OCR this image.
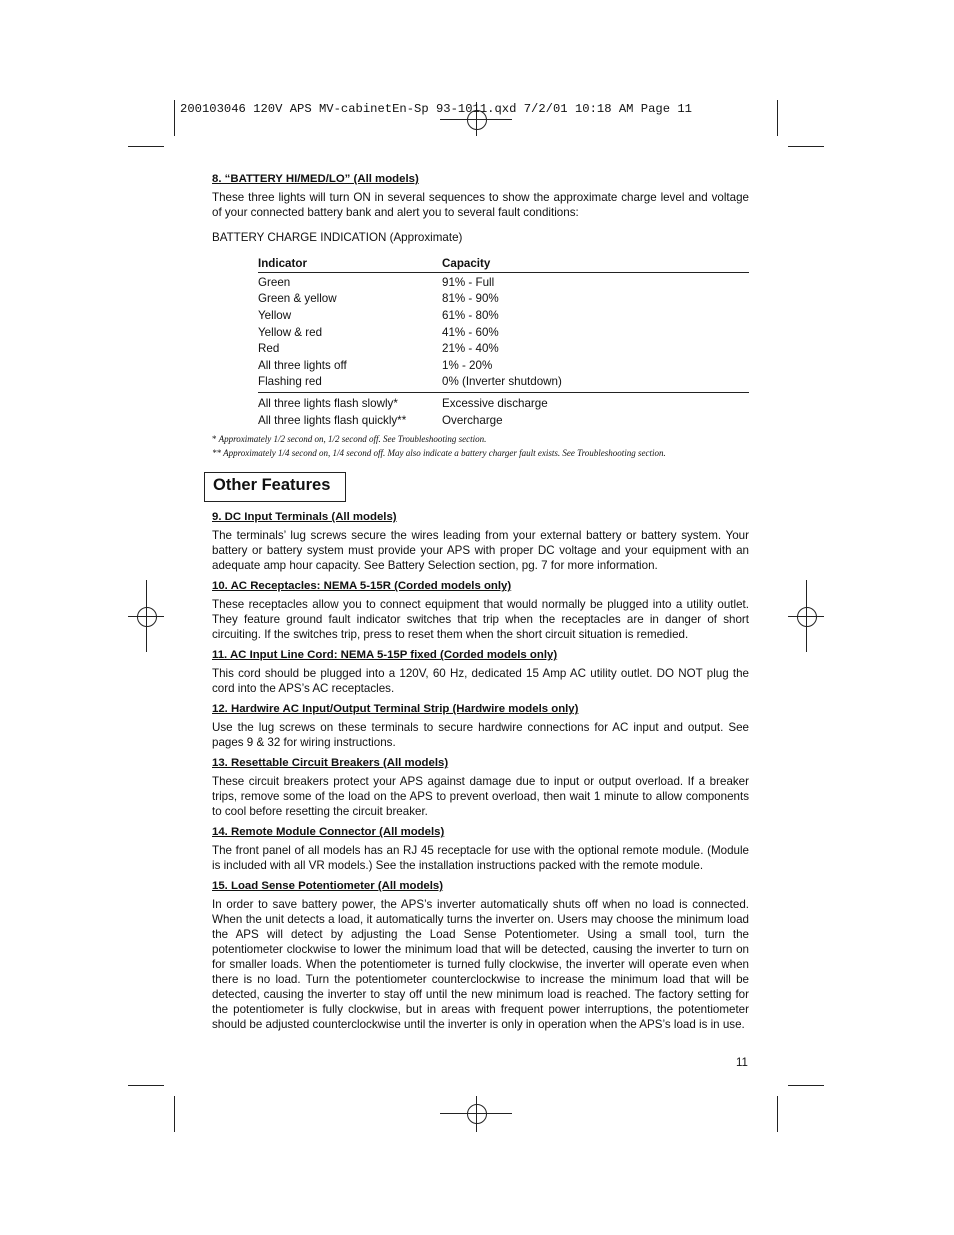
200103046 120V APS MV-cabinetEn-Sp 93-1011.qxd 7/2/01 10:18 AM Page 11

8. “BATTERY HI/MED/LO” (All models)

These three lights will turn ON in several sequences to show the approximate charge level and voltage of your connected battery bank and alert you to several fault conditions:

BATTERY CHARGE INDICATION (Approximate)

Indicator	Capacity
Green	91% - Full
Green & yellow	81% - 90%
Yellow	61% - 80%
Yellow & red	41% - 60%
Red	21% - 40%
All three lights off	1% - 20%
Flashing red	0% (Inverter shutdown)
All three lights flash slowly*	Excessive discharge
All three lights flash quickly**	Overcharge

* Approximately 1/2 second on, 1/2 second off. See Troubleshooting section.

** Approximately 1/4 second on, 1/4 second off. May also indicate a battery charger fault exists. See Troubleshooting section.

Other Features

9. DC Input Terminals (All models)

The terminals’ lug screws secure the wires leading from your external battery or battery system. Your battery or battery system must provide your APS with proper DC voltage and your equipment with an adequate amp hour capacity. See Battery Selection section, pg. 7 for more information.

10. AC Receptacles: NEMA 5-15R (Corded models only)

These receptacles allow you to connect equipment that would normally be plugged into a utility outlet. They feature ground fault indicator switches that trip when the receptacles are in danger of short circuiting. If the switches trip, press to reset them when the short circuit situation is remedied.

11. AC Input Line Cord: NEMA 5-15P fixed (Corded models only)

This cord should be plugged into a 120V, 60 Hz, dedicated 15 Amp AC utility outlet. DO NOT plug the cord into the APS’s AC receptacles.

12. Hardwire AC Input/Output Terminal Strip (Hardwire models only)

Use the lug screws on these terminals to secure hardwire connections for AC input and output. See pages 9 & 32 for wiring instructions.

13. Resettable Circuit Breakers (All models)

These circuit breakers protect your APS against damage due to input or output overload. If a breaker trips, remove some of the load on the APS to prevent overload, then wait 1 minute to allow components to cool before resetting the circuit breaker.

14. Remote Module Connector (All models)

The front panel of all models has an RJ 45 receptacle for use with the optional remote module. (Module is included with all VR models.) See the installation instructions packed with the remote module.

15. Load Sense Potentiometer (All models)

In order to save battery power, the APS’s inverter automatically shuts off when no load is connected. When the unit detects a load, it automatically turns the inverter on. Users may choose the minimum load the APS will detect by adjusting the Load Sense Potentiometer. Using a small tool, turn the potentiometer clockwise to lower the minimum load that will be detected, causing the inverter to turn on for smaller loads. When the potentiometer is turned fully clockwise, the inverter will operate even when there is no load. Turn the potentiometer counterclockwise to increase the minimum load that will be detected, causing the inverter to stay off until the new minimum load is reached. The factory setting for the potentiometer is fully clockwise, but in areas with frequent power interruptions, the potentiometer should be adjusted counterclockwise until the inverter is only in operation when the APS’s load is in use.

11
